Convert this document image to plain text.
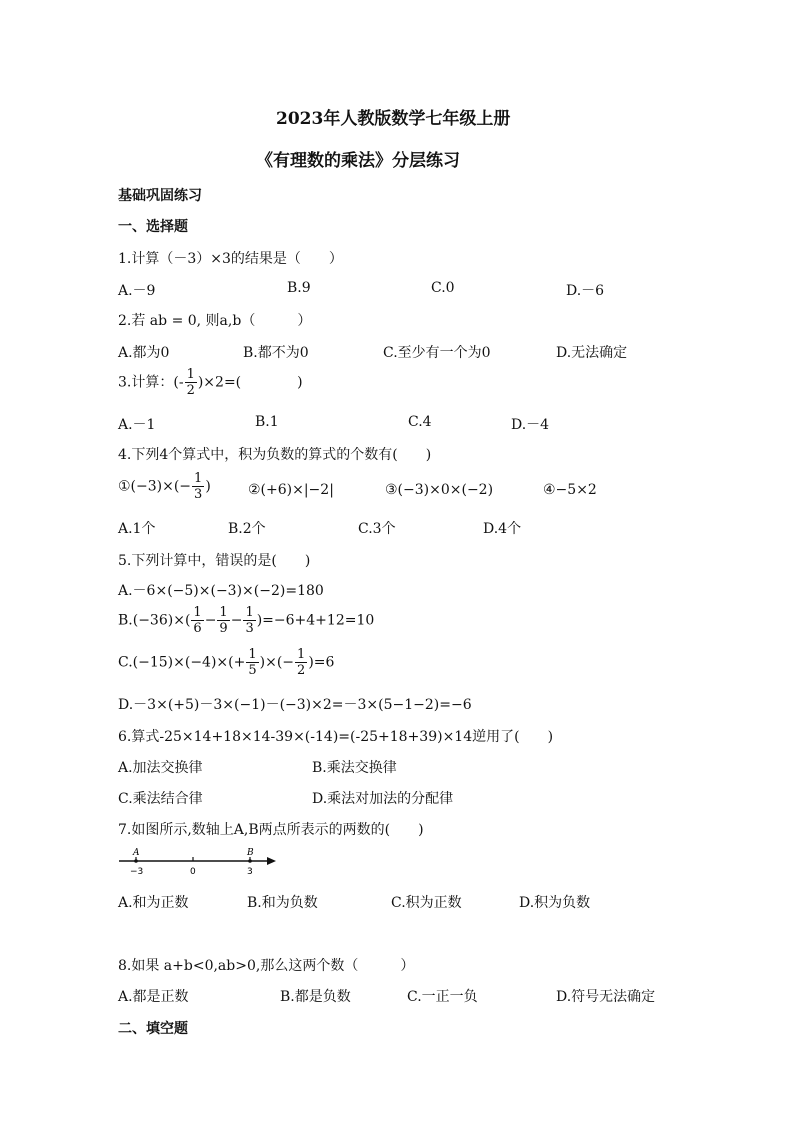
2023年人教版数学七年级上册
《有理数的乘法》分层练习
基础巩固练习
一、选择题
1.计算（－3）×3的结果是（　　）
A.－9	B.9	C.0	D.－6
2.若 ab = 0, 则a,b（　　　）
A.都为0	B.都不为0	C.至少有一个为0	D.无法确定
3.计算：(- $\frac{1}{2} )\times 2=$(　　　　)
A.－1	B.1	C.4	D.－4
4.下列4个算式中，积为负数的算式的个数有(　　)
①(−3)×(− $\frac{1}{3}$ )	②(+6)×|−2|	③(−3)×0×(−2)	④−5×2
A.1个	B.2个	C.3个	D.4个
5.下列计算中，错误的是(　　)
A.－6×(−5)×(−3)×(−2)=180
$B.(-36)\times( \frac{1}{6} - \frac{1}{9} - \frac{1}{3} )=-6+4+12=10$
$C.(-15)\times(-4)\times(+ \frac{1}{5}$ )×(− $\frac{1}{2} )=6$
D.－3×(+5)－3×(−1)－(−3)×2=－3×(5−1−2)=−6
6.算式-25×14+18×14-39×(-14)=(-25+18+39)×14逆用了(　　)
A.加法交换律	B.乘法交换律
C.乘法结合律	D.乘法对加法的分配律
7.如图所示,数轴上A,B两点所表示的两数的(　　)
A	B
−3	0	3
A.和为正数	B.和为负数	C.积为正数	D.积为负数
8.如果 a+b<0,ab>0,那么这两个数（　　　）
A.都是正数	B.都是负数	C.一正一负	D.符号无法确定
二、填空题
